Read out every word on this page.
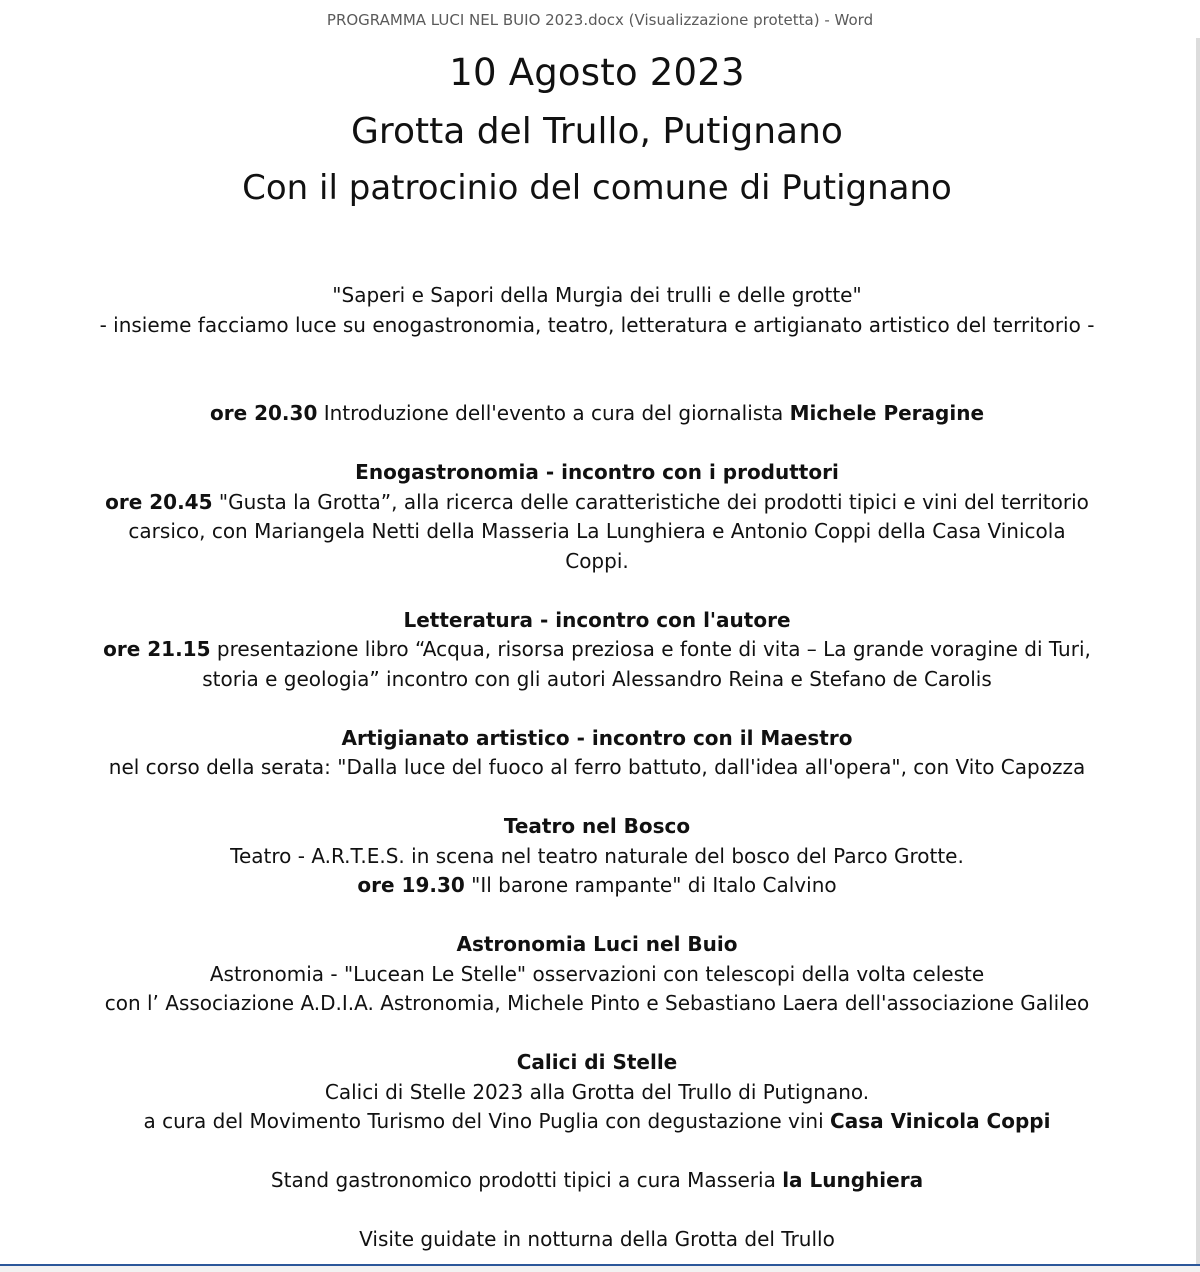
PROGRAMMA LUCI NEL BUIO 2023.docx (Visualizzazione protetta) - Word
10 Agosto 2023
Grotta del Trullo, Putignano
Con il patrocinio del comune di Putignano
"Saperi e Sapori della Murgia dei trulli e delle grotte"
- insieme facciamo luce su enogastronomia, teatro, letteratura e artigianato artistico del territorio -
ore 20.30 Introduzione dell'evento a cura del giornalista Michele Peragine
Enogastronomia - incontro con i produttori
ore 20.45 "Gusta la Grotta”, alla ricerca delle caratteristiche dei prodotti tipici e vini del territorio
carsico, con Mariangela Netti della Masseria La Lunghiera e Antonio Coppi della Casa Vinicola
Coppi.
Letteratura - incontro con l'autore
ore 21.15 presentazione libro “Acqua, risorsa preziosa e fonte di vita – La grande voragine di Turi,
storia e geologia” incontro con gli autori Alessandro Reina e Stefano de Carolis
Artigianato artistico - incontro con il Maestro
nel corso della serata: "Dalla luce del fuoco al ferro battuto, dall'idea all'opera", con Vito Capozza
Teatro nel Bosco
Teatro - A.R.T.E.S. in scena nel teatro naturale del bosco del Parco Grotte.
ore 19.30 "Il barone rampante" di Italo Calvino
Astronomia Luci nel Buio
Astronomia - "Lucean Le Stelle" osservazioni con telescopi della volta celeste
con l’ Associazione A.D.I.A. Astronomia, Michele Pinto e Sebastiano Laera dell'associazione Galileo
Calici di Stelle
Calici di Stelle 2023 alla Grotta del Trullo di Putignano.
a cura del Movimento Turismo del Vino Puglia con degustazione vini Casa Vinicola Coppi
Stand gastronomico prodotti tipici a cura Masseria la Lunghiera
Visite guidate in notturna della Grotta del Trullo
